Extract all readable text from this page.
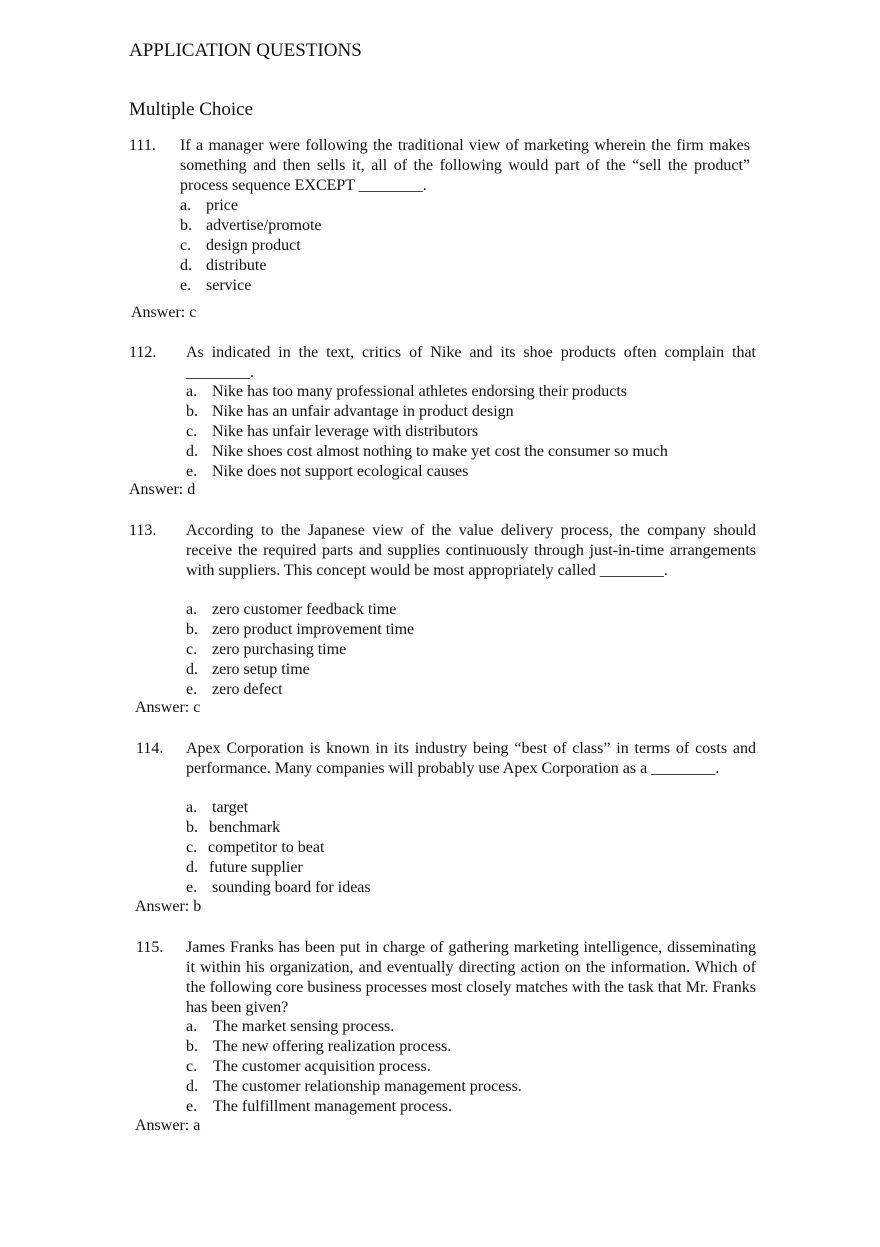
APPLICATION QUESTIONS
Multiple Choice
111. If a manager were following the traditional view of marketing wherein the firm makes something and then sells it, all of the following would part of the “sell the product” process sequence EXCEPT ________.
a. price
b. advertise/promote
c. design product
d. distribute
e. service
Answer: c
112. As indicated in the text, critics of Nike and its shoe products often complain that ________.
a. Nike has too many professional athletes endorsing their products
b. Nike has an unfair advantage in product design
c. Nike has unfair leverage with distributors
d. Nike shoes cost almost nothing to make yet cost the consumer so much
e. Nike does not support ecological causes
Answer: d
113. According to the Japanese view of the value delivery process, the company should receive the required parts and supplies continuously through just-in-time arrangements with suppliers. This concept would be most appropriately called ________.
a. zero customer feedback time
b. zero product improvement time
c. zero purchasing time
d. zero setup time
e. zero defect
Answer: c
114. Apex Corporation is known in its industry being “best of class” in terms of costs and performance. Many companies will probably use Apex Corporation as a ________.
a. target
b. benchmark
c. competitor to beat
d. future supplier
e. sounding board for ideas
Answer: b
115. James Franks has been put in charge of gathering marketing intelligence, disseminating it within his organization, and eventually directing action on the information. Which of the following core business processes most closely matches with the task that Mr. Franks has been given?
a. The market sensing process.
b. The new offering realization process.
c. The customer acquisition process.
d. The customer relationship management process.
e. The fulfillment management process.
Answer: a
